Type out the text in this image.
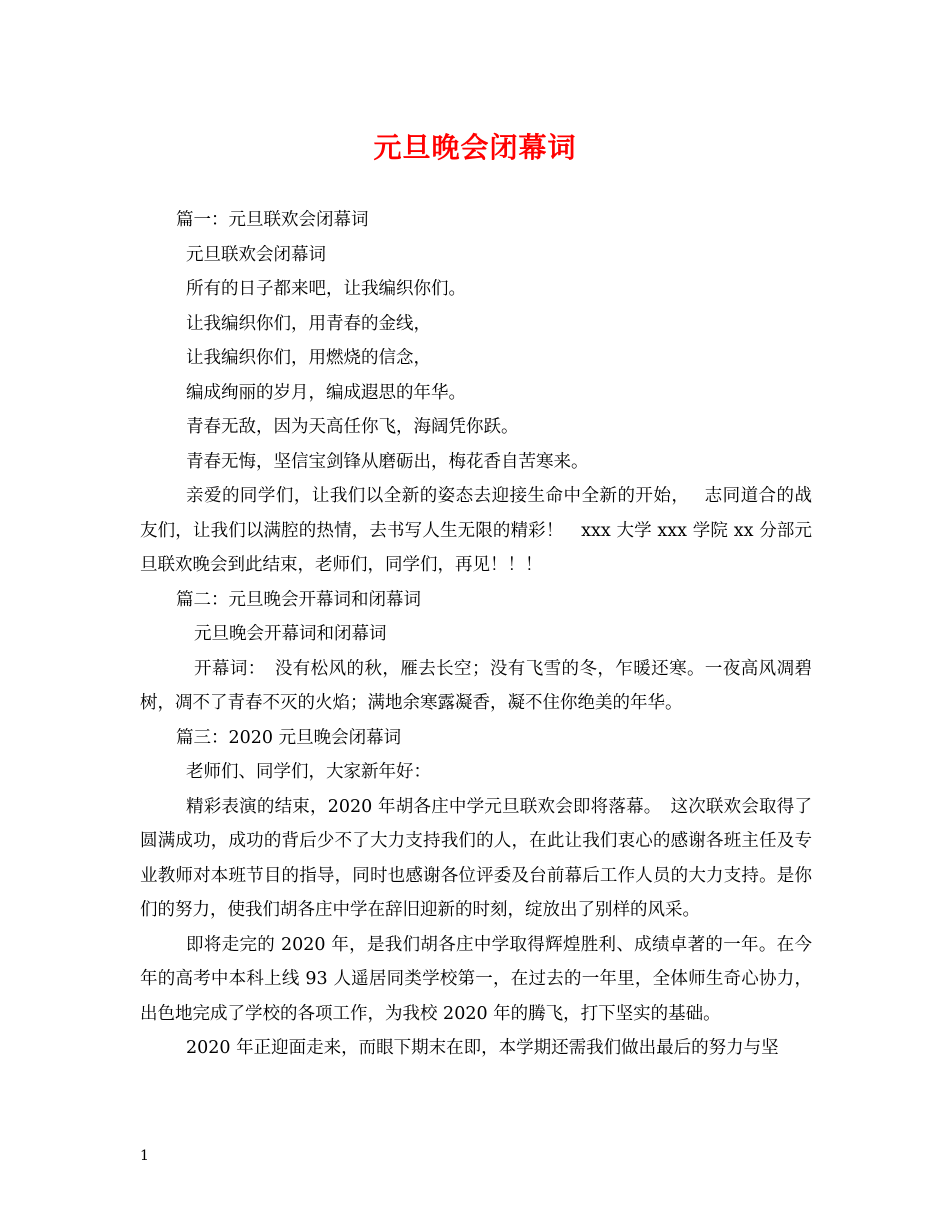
元旦晚会闭幕词
篇一：元旦联欢会闭幕词
元旦联欢会闭幕词
所有的日子都来吧，让我编织你们。
让我编织你们，用青春的金线，
让我编织你们，用燃烧的信念，
编成绚丽的岁月，编成遐思的年华。
青春无敌，因为天高任你飞，海阔凭你跃。
青春无悔，坚信宝剑锋从磨砺出，梅花香自苦寒来。
亲爱的同学们，让我们以全新的姿态去迎接生命中全新的开始，　 志同道合的战友们，让我们以满腔的热情，去书写人生无限的精彩！　xxx 大学 xxx 学院 xx 分部元旦联欢晚会到此结束，老师们，同学们，再见！！！
篇二：元旦晚会开幕词和闭幕词
元旦晚会开幕词和闭幕词
开幕词：　没有松风的秋，雁去长空；没有飞雪的冬，乍暖还寒。一夜高风凋碧树，凋不了青春不灭的火焰；满地余寒露凝香，凝不住你绝美的年华。
篇三：2020 元旦晚会闭幕词
老师们、同学们，大家新年好：
精彩表演的结束，2020 年胡各庄中学元旦联欢会即将落幕。　这次联欢会取得了圆满成功，成功的背后少不了大力支持我们的人，在此让我们衷心的感谢各班主任及专业教师对本班节目的指导，同时也感谢各位评委及台前幕后工作人员的大力支持。是你们的努力，使我们胡各庄中学在辞旧迎新的时刻，绽放出了别样的风采。
即将走完的 2020 年，是我们胡各庄中学取得辉煌胜利、成绩卓著的一年。在今年的高考中本科上线 93 人遥居同类学校第一，在过去的一年里，全体师生奇心协力，出色地完成了学校的各项工作，为我校 2020 年的腾飞，打下坚实的基础。
2020 年正迎面走来，而眼下期末在即，本学期还需我们做出最后的努力与坚
1
